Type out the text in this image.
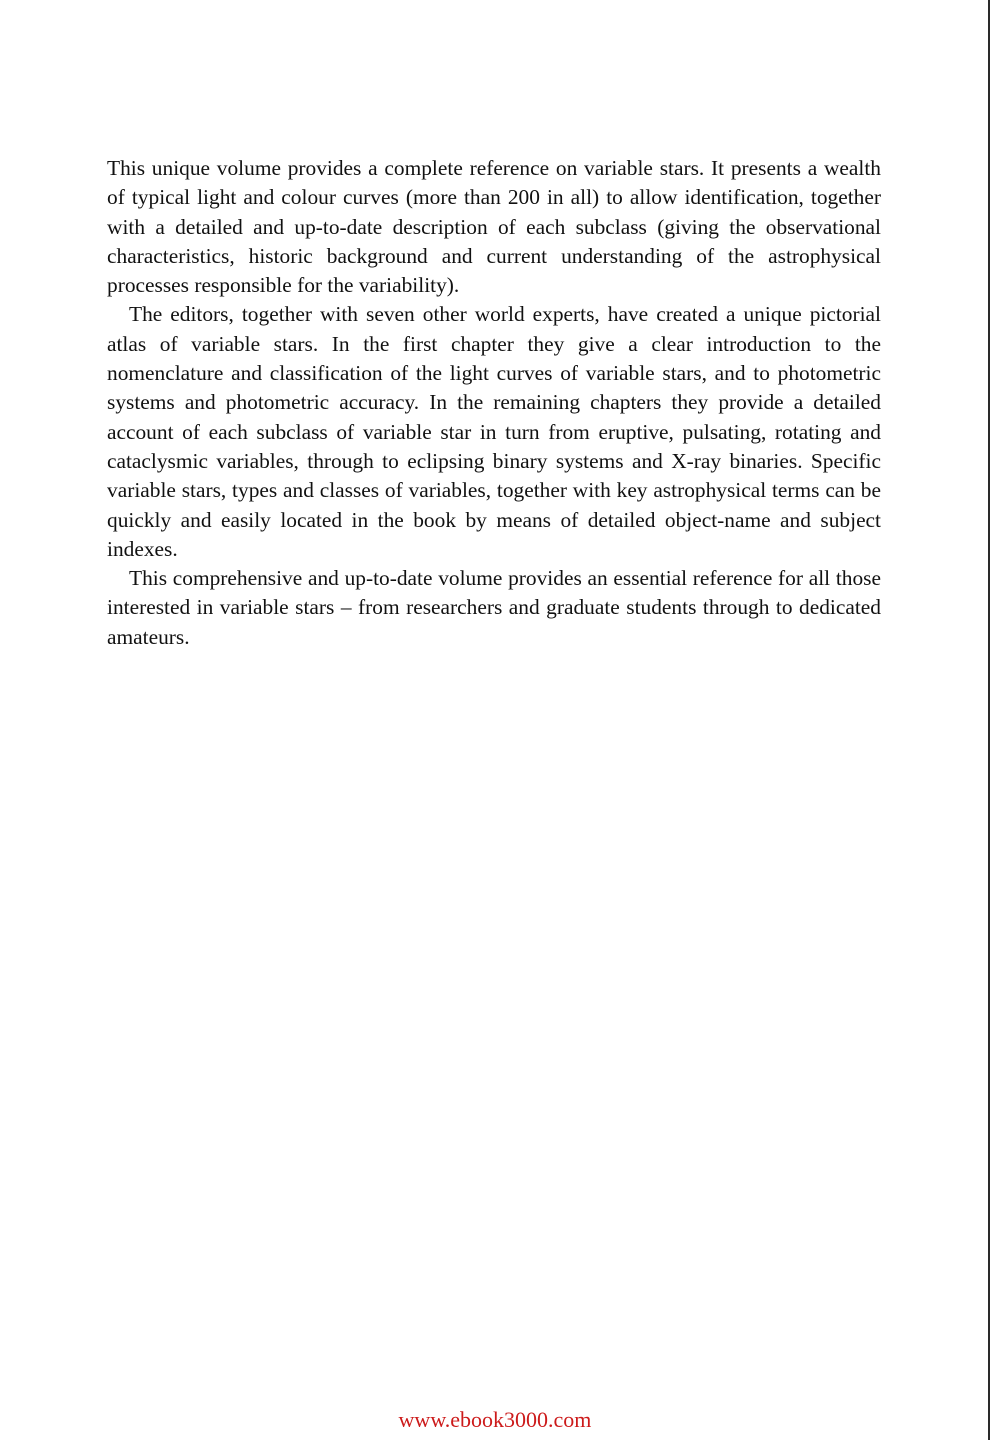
This unique volume provides a complete reference on variable stars. It presents a wealth of typical light and colour curves (more than 200 in all) to allow identification, together with a detailed and up-to-date description of each subclass (giving the observational characteristics, historic background and current understanding of the astrophysical processes responsible for the variability).

The editors, together with seven other world experts, have created a unique pictorial atlas of variable stars. In the first chapter they give a clear introduction to the nomenclature and classification of the light curves of variable stars, and to photometric systems and photometric accuracy. In the remaining chapters they provide a detailed account of each subclass of variable star in turn from eruptive, pulsating, rotating and cataclysmic variables, through to eclipsing binary systems and X-ray binaries. Specific variable stars, types and classes of variables, together with key astrophysical terms can be quickly and easily located in the book by means of detailed object-name and subject indexes.

This comprehensive and up-to-date volume provides an essential reference for all those interested in variable stars – from researchers and graduate students through to dedicated amateurs.

www.ebook3000.com
